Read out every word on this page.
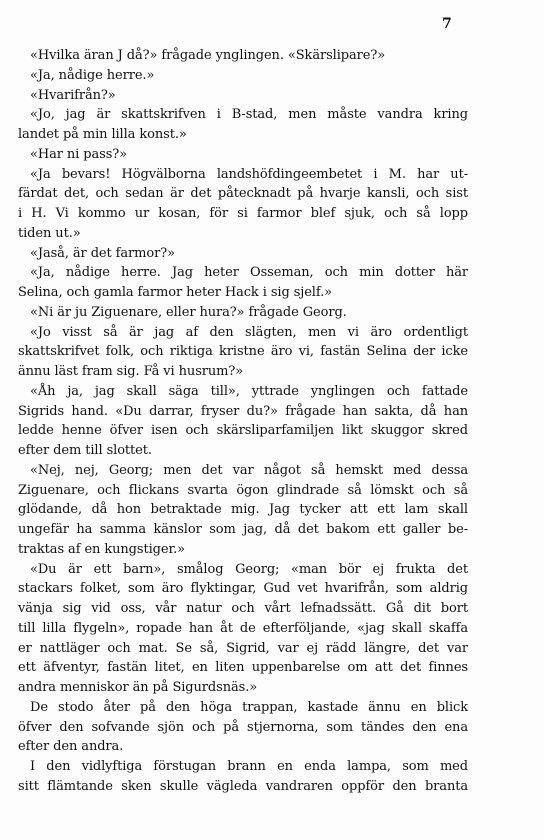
7
«Hvilka äran J då?» frågade ynglingen. «Skärslipare?»
«Ja, nådige herre.»
«Hvarifrån?»
«Jo, jag är skattskrifven i B-stad, men måste vandra kring
landet på min lilla konst.»
«Har ni pass?»
«Ja bevars! Högvälborna landshöfdingeembetet i M. har ut-
färdat det, och sedan är det påtecknadt på hvarje kansli, och sist
i H. Vi kommo ur kosan, för si farmor blef sjuk, och så lopp
tiden ut.»
«Jaså, är det farmor?»
«Ja, nådige herre. Jag heter Osseman, och min dotter här
Selina, och gamla farmor heter Hack i sig sjelf.»
«Ni är ju Ziguenare, eller hura?» frågade Georg.
«Jo visst så är jag af den slägten, men vi äro ordentligt
skattskrifvet folk, och riktiga kristne äro vi, fastän Selina der icke
ännu läst fram sig. Få vi husrum?»
«Åh ja, jag skall säga till», yttrade ynglingen och fattade
Sigrids hand. «Du darrar, fryser du?» frågade han sakta, då han
ledde henne öfver isen och skärsliparfamiljen likt skuggor skred
efter dem till slottet.
«Nej, nej, Georg; men det var något så hemskt med dessa
Ziguenare, och flickans svarta ögon glindrade så lömskt och så
glödande, då hon betraktade mig. Jag tycker att ett lam skall
ungefär ha samma känslor som jag, då det bakom ett galler be-
traktas af en kungstiger.»
«Du är ett barn», smålog Georg; «man bör ej frukta det
stackars folket, som äro flyktingar, Gud vet hvarifrån, som aldrig
vänja sig vid oss, vår natur och vårt lefnadssätt. Gå dit bort
till lilla flygeln», ropade han åt de efterföljande, «jag skall skaffa
er nattläger och mat. Se så, Sigrid, var ej rädd längre, det var
ett äfventyr, fastän litet, en liten uppenbarelse om att det finnes
andra menniskor än på Sigurdsnäs.»
De stodo åter på den höga trappan, kastade ännu en blick
öfver den sofvande sjön och på stjernorna, som tändes den ena
efter den andra.
I den vidlyftiga förstugan brann en enda lampa, som med
sitt flämtande sken skulle vägleda vandraren oppför den branta
